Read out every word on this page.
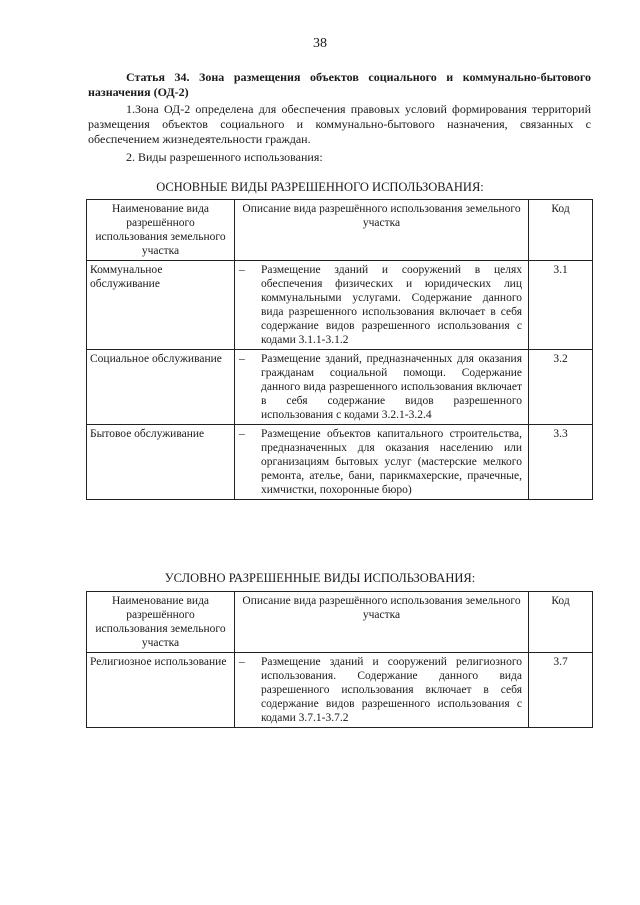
38
Статья 34. Зона размещения объектов социального и коммунально-бытового назначения (ОД-2)
1.Зона ОД-2 определена для обеспечения правовых условий формирования территорий размещения объектов социального и коммунально-бытового назначения, связанных с обеспечением жизнедеятельности граждан.
2. Виды разрешенного использования:
ОСНОВНЫЕ ВИДЫ РАЗРЕШЕННОГО ИСПОЛЬЗОВАНИЯ:
Наименование вида разрешённого использования земельного участка	Описание вида разрешённого использования земельного участка	Код
Коммунальное обслуживание	– Размещение зданий и сооружений в целях обеспечения физических и юридических лиц коммунальными услугами. Содержание данного вида разрешенного использования включает в себя содержание видов разрешенного использования с кодами 3.1.1-3.1.2	3.1
Социальное обслуживание	– Размещение зданий, предназначенных для оказания гражданам социальной помощи. Содержание данного вида разрешенного использования включает в себя содержание видов разрешенного использования с кодами 3.2.1-3.2.4	3.2
Бытовое обслуживание	– Размещение объектов капитального строительства, предназначенных для оказания населению или организациям бытовых услуг (мастерские мелкого ремонта, ателье, бани, парикмахерские, прачечные, химчистки, похоронные бюро)	3.3
УСЛОВНО РАЗРЕШЕННЫЕ ВИДЫ ИСПОЛЬЗОВАНИЯ:
Наименование вида разрешённого использования земельного участка	Описание вида разрешённого использования земельного участка	Код
Религиозное использование	– Размещение зданий и сооружений религиозного использования. Содержание данного вида разрешенного использования включает в себя содержание видов разрешенного использования с кодами 3.7.1-3.7.2	3.7
